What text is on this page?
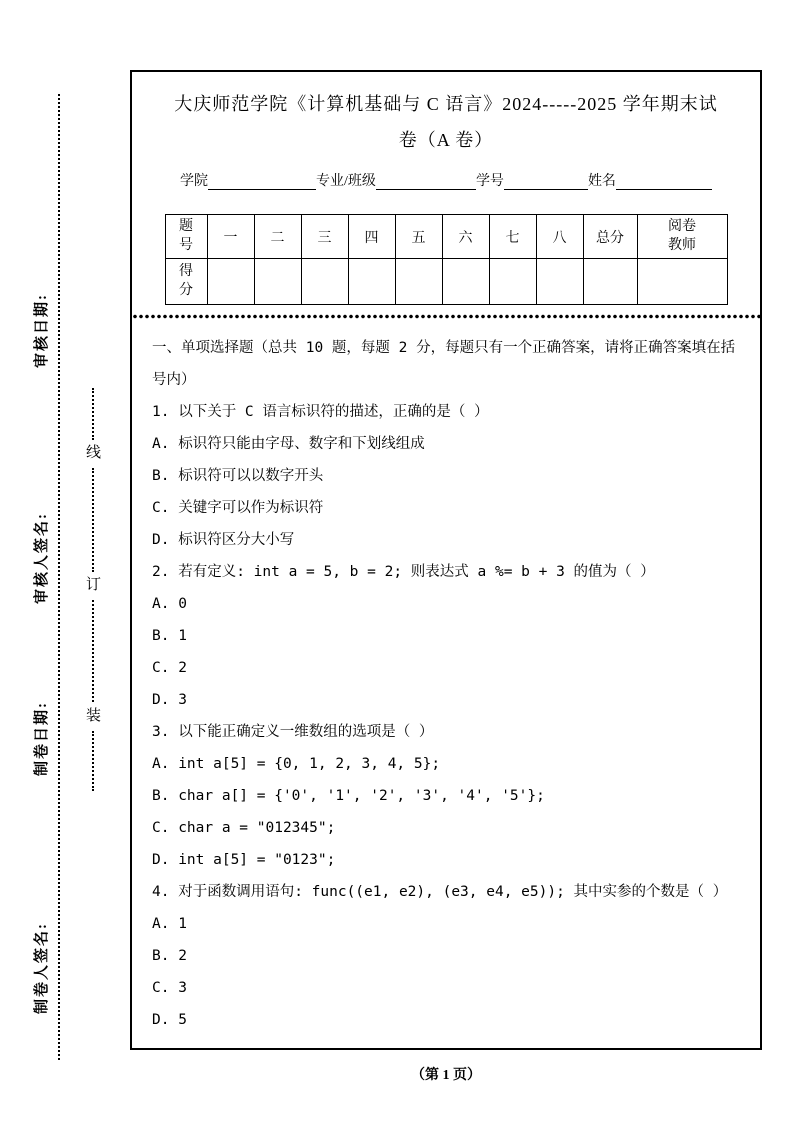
审核日期:
审核人签名:
制卷日期:
制卷人签名:
线
订
装
大庆师范学院《计算机基础与 C 语言》2024-----2025 学年期末试
卷（A 卷）
学院	专业/班级	学号	姓名
题号	一	二	三	四	五	六	七	八	总分	阅卷教师
得分										

一、单项选择题（总共 10 题，每题 2 分，每题只有一个正确答案，请将正确答案填在括号内）

1. 以下关于 C 语言标识符的描述，正确的是（ ）

A. 标识符只能由字母、数字和下划线组成

B. 标识符可以以数字开头

C. 关键字可以作为标识符

D. 标识符区分大小写

2. 若有定义: int a = 5, b = 2; 则表达式 a %= b + 3 的值为（ ）

A. 0

B. 1

C. 2

D. 3

3. 以下能正确定义一维数组的选项是（ ）

A. int a[5] = {0, 1, 2, 3, 4, 5};

B. char a[] = {'0', '1', '2', '3', '4', '5'};

C. char a = "012345";

D. int a[5] = "0123";

4. 对于函数调用语句: func((e1, e2), (e3, e4, e5)); 其中实参的个数是（ ）

A. 1

B. 2

C. 3

D. 5

（第 1 页）
